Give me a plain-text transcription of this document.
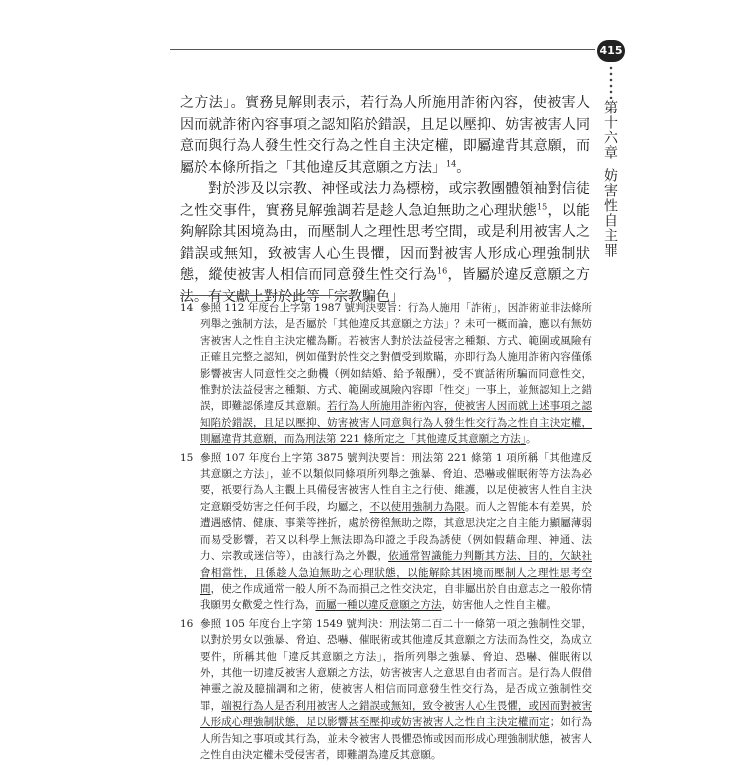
415
第十六章妨害性自主罪

之方法」。實務見解則表示，若行為人所施用詐術內容，使被害人因而就詐術內容事項之認知陷於錯誤，且足以壓抑、妨害被害人同意而與行為人發生性交行為之性自主決定權，即屬違背其意願，而屬於本條所指之「其他違反其意願之方法」$^{14}$。

對於涉及以宗教、神怪或法力為標榜，或宗教團體領袖對信徒之性交事件，實務見解強調若是趁人急迫無助之心理狀態$^{15}$，以能夠解除其困境為由，而壓制人之理性思考空間，或是利用被害人之錯誤或無知，致被害人心生畏懼，因而對被害人形成心理強制狀態，縱使被害人相信而同意發生性交行為$^{16}$，皆屬於違反意願之方法。有文獻上對於此等「宗教騙色」

14 參照 112 年度台上字第 1987 號判決要旨：行為人施用「詐術」，因詐術並非法條所列舉之強制方法，是否屬於「其他違反其意願之方法」？未可一概而論，應以有無妨害被害人之性自主決定權為斷。若被害人對於法益侵害之種類、方式、範圍或風險有正確且完整之認知，例如僅對於性交之對價受到欺瞞，亦即行為人施用詐術內容僅係影響被害人同意性交之動機（例如結婚、給予報酬），受不實話術所騙而同意性交，惟對於法益侵害之種類、方式、範圍或風險內容即「性交」一事上，並無認知上之錯誤，即難認係違反其意願。若行為人所施用詐術內容，使被害人因而就上述事項之認知陷於錯誤，且足以壓抑、妨害被害人同意與行為人發生性交行為之性自主決定權，則屬違背其意願，而為刑法第 221 條所定之「其他違反其意願之方法」。
15 參照 107 年度台上字第 3875 號判決要旨：刑法第 221 條第 1 項所稱「其他違反其意願之方法」，並不以類似同條項所列舉之強暴、脅迫、恐嚇或催眠術等方法為必要，祇要行為人主觀上具備侵害被害人性自主之行使、維護，以足使被害人性自主決定意願受妨害之任何手段，均屬之，不以使用強制力為限。而人之智能本有差異，於遭遇感情、健康、事業等挫折，處於徬徨無助之際，其意思決定之自主能力顯屬薄弱而易受影響，若又以科學上無法即為印證之手段為誘使（例如假藉命理、神通、法力、宗教或迷信等），由該行為之外觀，依通常智識能力判斷其方法、目的，欠缺社會相當性，且係趁人急迫無助之心理狀態，以能解除其困境而壓制人之理性思考空間，使之作成通常一般人所不為而損己之性交決定，自非屬出於自由意志之一般你情我願男女歡愛之性行為，而屬一種以違反意願之方法，妨害他人之性自主權。
16 參照 105 年度台上字第 1549 號判決：刑法第二百二十一條第一項之強制性交罪，以對於男女以強暴、脅迫、恐嚇、催眠術或其他違反其意願之方法而為性交，為成立要件，所稱其他「違反其意願之方法」，指所列舉之強暴、脅迫、恐嚇、催眠術以外，其他一切違反被害人意願之方法，妨害被害人之意思自由者而言。是行為人假借神靈之說及臆揣調和之術，使被害人相信而同意發生性交行為，是否成立強制性交罪，端視行為人是否利用被害人之錯誤或無知，致令被害人心生畏懼，或因而對被害人形成心理強制狀態，足以影響甚至壓抑或妨害被害人之性自主決定權而定；如行為人所告知之事項或其行為，並未令被害人畏懼恐怖或因而形成心理強制狀態，被害人之性自由決定權未受侵害者，即難謂為違反其意願。
